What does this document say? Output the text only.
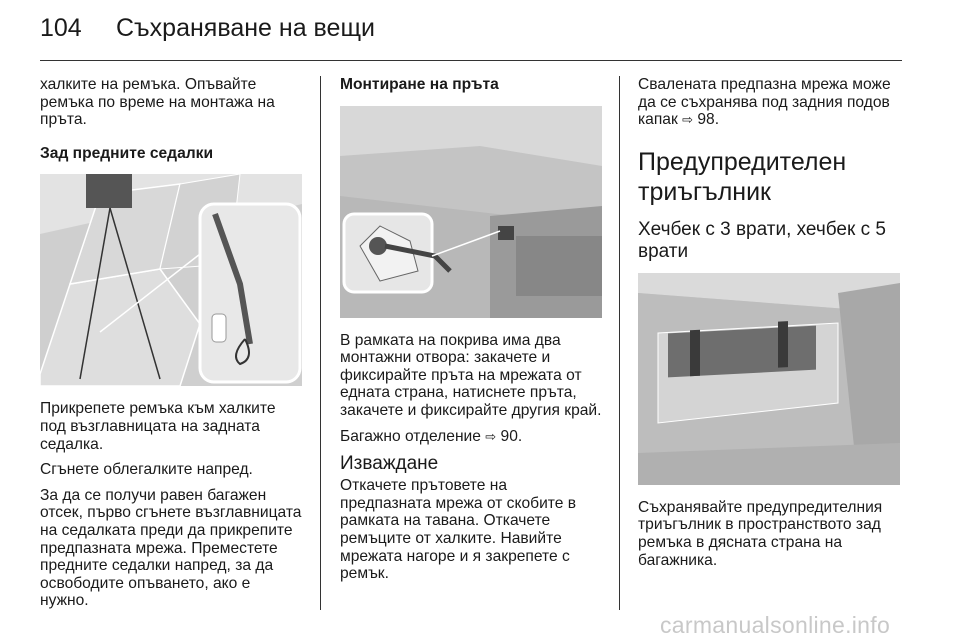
104 Съхраняване на вещи

халките на ремъка. Опъвайте ремъка по време на монтажа на пръта.

Зад предните седалки

Прикрепете ремъка към халките под възглавницата на задната седалка.

Сгънете облегалките напред.

За да се получи равен багажен отсек, първо сгънете възглавницата на седалката преди да прикрепите предпазната мрежа. Преместете предните седалки напред, за да освободите опъването, ако е нужно.

Монтиране на пръта

В рамката на покрива има два монтажни отвора: закачете и фиксирайте пръта на мрежата от едната страна, натиснете пръта, закачете и фиксирайте другия край.

Багажно отделение ⇨ 90.

Изваждане

Откачете прътовете на предпазната мрежа от скобите в рамката на тавана. Откачете ремъците от халките. Навийте мрежата нагоре и я закрепете с ремък.

Свалената предпазна мрежа може да се съхранява под задния подов капак ⇨ 98.

Предупредителен триъгълник
Хечбек с 3 врати, хечбек с 5 врати

Съхранявайте предупредителния триъгълник в пространството зад ремъка в дясната страна на багажника.

carmanualsonline.info
